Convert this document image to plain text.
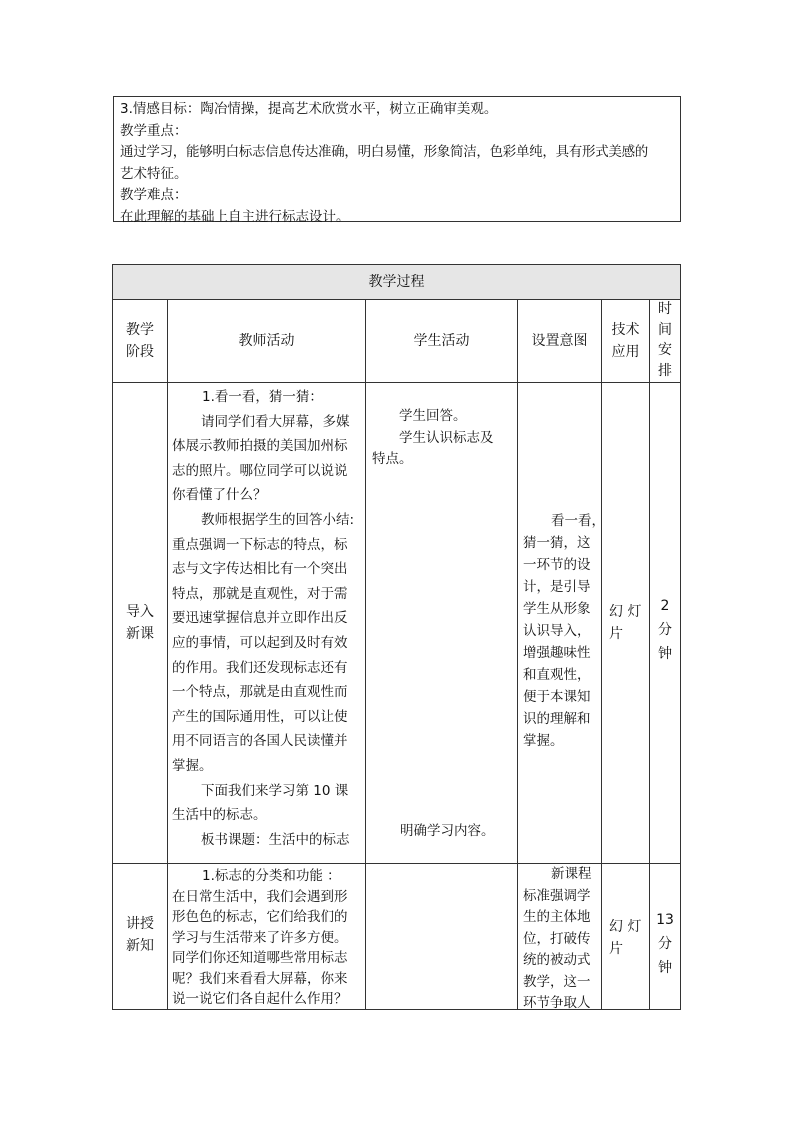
3.情感目标：陶冶情操，提高艺术欣赏水平，树立正确审美观。

教学重点：

通过学习，能够明白标志信息传达准确，明白易懂，形象简洁，色彩单纯，具有形式美感的

艺术特征。

教学难点：

在此理解的基础上自主进行标志设计。

教学过程

教学

阶段

教师活动	学生活动	设置意图

技术

应用

时

间

安

排

导入

新课

1.看一看，猜一猜：

请同学们看大屏幕，多媒

体展示教师拍摄的美国加州标

志的照片。哪位同学可以说说

你看懂了什么？

教师根据学生的回答小结:

重点强调一下标志的特点，标

志与文字传达相比有一个突出

特点，那就是直观性，对于需

要迅速掌握信息并立即作出反

应的事情，可以起到及时有效

的作用。我们还发现标志还有

一个特点，那就是由直观性而

产生的国际通用性，可以让使

用不同语言的各国人民读懂并

掌握。

下面我们来学习第 10 课

生活中的标志。

板书课题：生活中的标志

学生回答。

学生认识标志及

特点。

明确学习内容。

看一看，

猜一猜，这

一环节的设

计，是引导

学生从形象

认识导入，

增强趣味性

和直观性，

便于本课知

识的理解和

掌握。

幻 灯

片

2

分

钟

讲授

新知

1.标志的分类和功能 ：

在日常生活中，我们会遇到形

形色色的标志，它们给我们的

学习与生活带来了许多方便。

同学们你还知道哪些常用标志

呢？我们来看看大屏幕，你来

说一说它们各自起什么作用？

新课程

标准强调学

生的主体地

位，打破传

统的被动式

教学，这一

环节争取人

幻 灯

片

13

分

钟
